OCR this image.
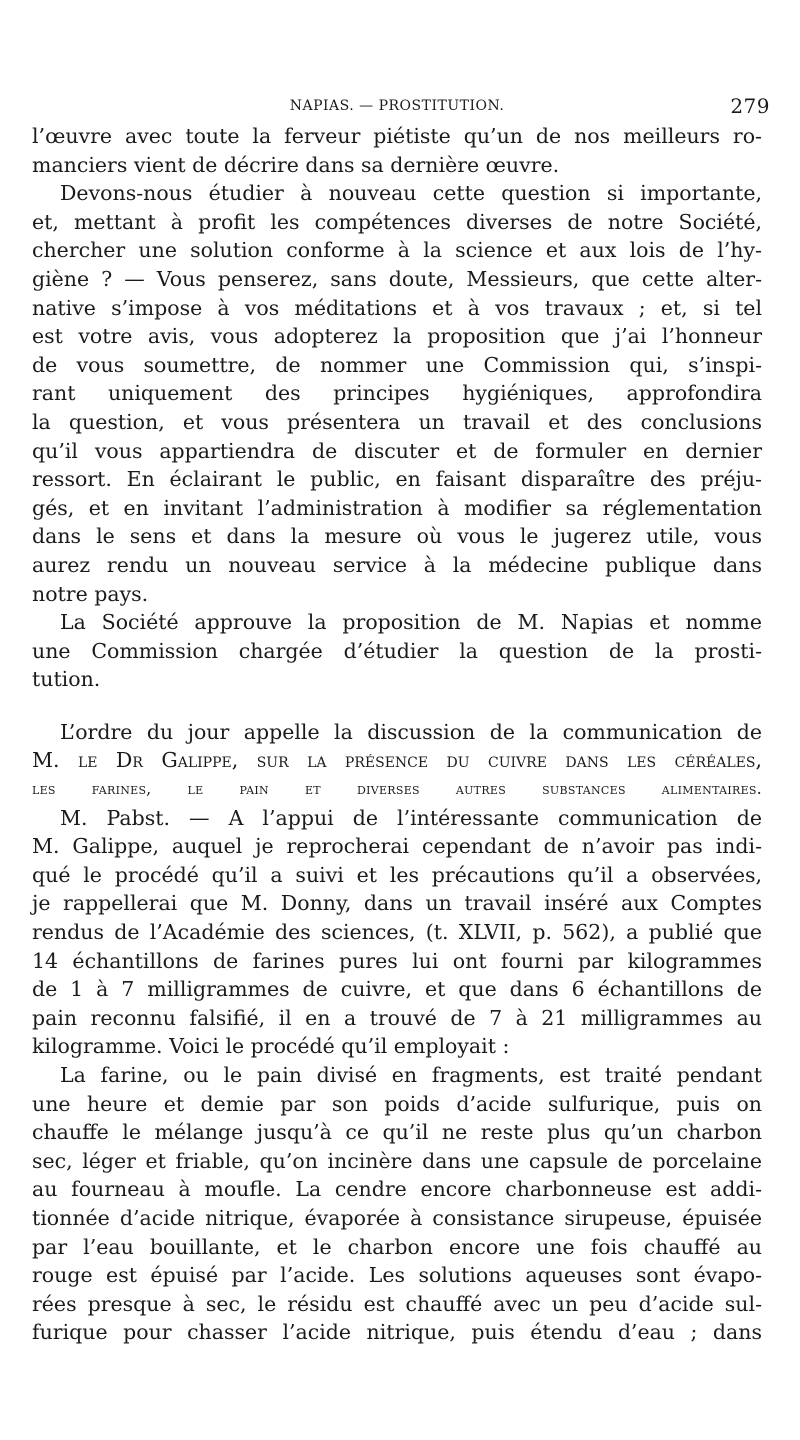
NAPIAS. — PROSTITUTION.	279
l’œuvre avec toute la ferveur piétiste qu’un de nos meilleurs ro-
manciers vient de décrire dans sa dernière œuvre.
Devons-nous étudier à nouveau cette question si importante,
et, mettant à profit les compétences diverses de notre Société,
chercher une solution conforme à la science et aux lois de l’hy-
giène ? — Vous penserez, sans doute, Messieurs, que cette alter-
native s’impose à vos méditations et à vos travaux ; et, si tel
est votre avis, vous adopterez la proposition que j’ai l’honneur
de vous soumettre, de nommer une Commission qui, s’inspi-
rant uniquement des principes hygiéniques, approfondira
la question, et vous présentera un travail et des conclusions
qu’il vous appartiendra de discuter et de formuler en dernier
ressort. En éclairant le public, en faisant disparaître des préju-
gés, et en invitant l’administration à modifier sa réglementation
dans le sens et dans la mesure où vous le jugerez utile, vous
aurez rendu un nouveau service à la médecine publique dans
notre pays.
La Société approuve la proposition de M. Napias et nomme
une Commission chargée d’étudier la question de la prosti-
tution.
L’ordre du jour appelle la discussion de la communication de
M. le Dr Galippe, sur la présence du cuivre dans les céréales,
les farines, le pain et diverses autres substances alimentaires.
M. Pabst. — A l’appui de l’intéressante communication de
M. Galippe, auquel je reprocherai cependant de n’avoir pas indi-
qué le procédé qu’il a suivi et les précautions qu’il a observées,
je rappellerai que M. Donny, dans un travail inséré aux Comptes
rendus de l’Académie des sciences, (t. XLVII, p. 562), a publié que
14 échantillons de farines pures lui ont fourni par kilogrammes
de 1 à 7 milligrammes de cuivre, et que dans 6 échantillons de
pain reconnu falsifié, il en a trouvé de 7 à 21 milligrammes au
kilogramme. Voici le procédé qu’il employait :
La farine, ou le pain divisé en fragments, est traité pendant
une heure et demie par son poids d’acide sulfurique, puis on
chauffe le mélange jusqu’à ce qu’il ne reste plus qu’un charbon
sec, léger et friable, qu’on incinère dans une capsule de porcelaine
au fourneau à moufle. La cendre encore charbonneuse est addi-
tionnée d’acide nitrique, évaporée à consistance sirupeuse, épuisée
par l’eau bouillante, et le charbon encore une fois chauffé au
rouge est épuisé par l’acide. Les solutions aqueuses sont évapo-
rées presque à sec, le résidu est chauffé avec un peu d’acide sul-
furique pour chasser l’acide nitrique, puis étendu d’eau ; dans
